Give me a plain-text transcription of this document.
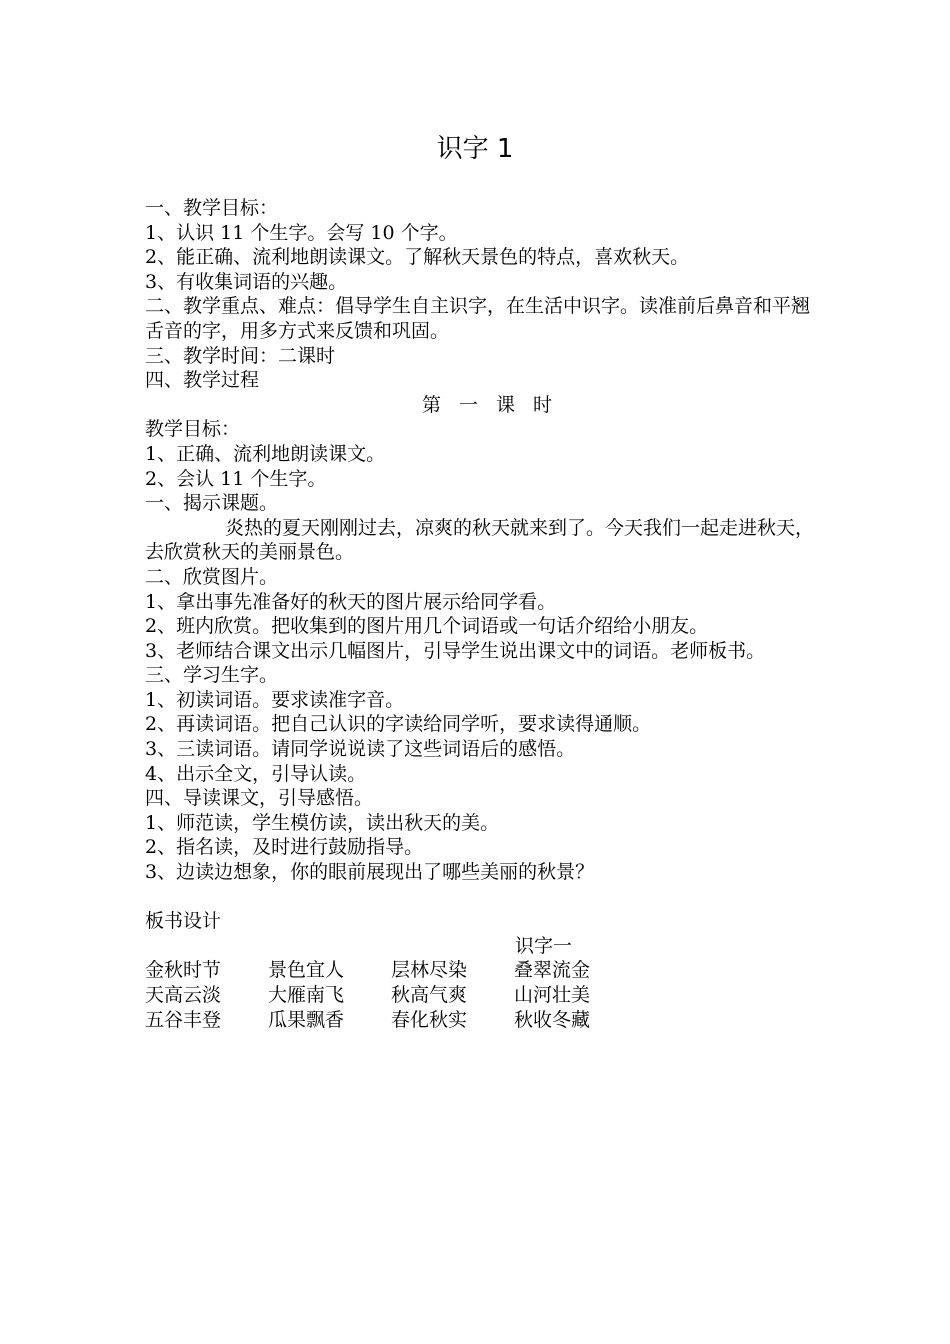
识字 1
一、教学目标：
1、认识 11 个生字。会写 10 个字。
2、能正确、流利地朗读课文。了解秋天景色的特点，喜欢秋天。
3、有收集词语的兴趣。
二、教学重点、难点：倡导学生自主识字，在生活中识字。读准前后鼻音和平翘舌音的字，用多方式来反馈和巩固。
三、教学时间：二课时
四、教学过程
第一课时
教学目标：
1、正确、流利地朗读课文。
2、会认 11 个生字。
一、揭示课题。
炎热的夏天刚刚过去，凉爽的秋天就来到了。今天我们一起走进秋天，去欣赏秋天的美丽景色。
二、欣赏图片。
1、拿出事先准备好的秋天的图片展示给同学看。
2、班内欣赏。把收集到的图片用几个词语或一句话介绍给小朋友。
3、老师结合课文出示几幅图片，引导学生说出课文中的词语。老师板书。
三、学习生字。
1、初读词语。要求读准字音。
2、再读词语。把自己认识的字读给同学听，要求读得通顺。
3、三读词语。请同学说说读了这些词语后的感悟。
4、出示全文，引导认读。
四、导读课文，引导感悟。
1、师范读，学生模仿读，读出秋天的美。
2、指名读，及时进行鼓励指导。
3、边读边想象，你的眼前展现出了哪些美丽的秋景？
板书设计
识字一
金秋时节	景色宜人	层林尽染	叠翠流金
天高云淡	大雁南飞	秋高气爽	山河壮美
五谷丰登	瓜果飘香	春化秋实	秋收冬藏
